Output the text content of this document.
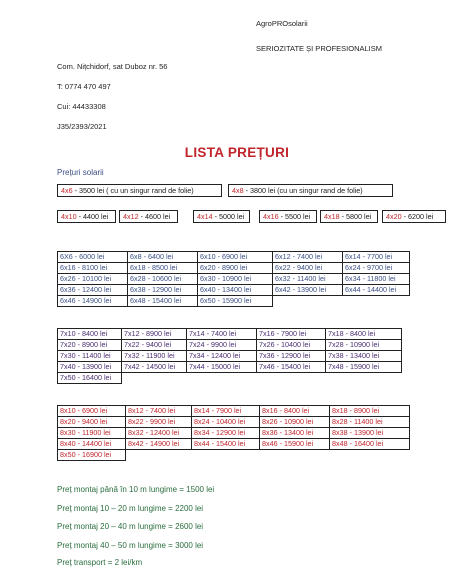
AgroPROsolarii
SERIOZITATE ȘI PROFESIONALISM
Com. Nițchidorf, sat Duboz nr. 56
T: 0774 470 497
Cui: 44433308
J35/2393/2021
LISTA PREȚURI
Prețuri solarii
4x6 - 3500 lei ( cu un singur rand de folie)	4x8 - 3800 lei (cu un singur rand de folie)
4x10 - 4400 lei	4x12 - 4600 lei	4x14 - 5000 lei	4x16 - 5500 lei	4x18 - 5800 lei	4x20 - 6200 lei
6X6 - 6000 lei	6x8 - 6400 lei	6x10 - 6900 lei	6x12 - 7400 lei	6x14 - 7700 lei
6x16 - 8100 lei	6x18 - 8500 lei	6x20 - 8900 lei	6x22 - 9400 lei	6x24 - 9700 lei
6x26 - 10100 lei	6x28 - 10600 lei	6x30 - 10900 lei	6x32 - 11400 lei	6x34 - 11800 lei
6x36 - 12400 lei	6x38 - 12900 lei	6x40 - 13400 lei	6x42 - 13900 lei	6x44 - 14400 lei
6x46 - 14900 lei	6x48 - 15400 lei	6x50 - 15900 lei		
7x10 - 8400 lei	7x12 - 8900 lei	7x14 - 7400 lei	7x16 - 7900 lei	7x18 - 8400 lei
7x20 - 8900 lei	7x22 - 9400 lei	7x24 - 9900 lei	7x26 - 10400 lei	7x28 - 10900 lei
7x30 - 11400 lei	7x32 - 11900 lei	7x34 - 12400 lei	7x36 - 12900 lei	7x38 - 13400 lei
7x40 - 13900 lei	7x42 - 14500 lei	7x44 - 15000 lei	7x46 - 15400 lei	7x48 - 15900 lei
7x50 - 16400 lei				
8x10 - 6900 lei	8x12 - 7400 lei	8x14 - 7900 lei	8x16 - 8400 lei	8x18 - 8900 lei
8x20 - 9400 lei	8x22 - 9900 lei	8x24 - 10400 lei	8x26 - 10900 lei	8x28 - 11400 lei
8x30 - 11900 lei	8x32 - 12400 lei	8x34 - 12900 lei	8x36 - 13400 lei	8x38 - 13900 lei
8x40 - 14400 lei	8x42 - 14900 lei	8x44 - 15400 lei	8x46 - 15900 lei	8x48 - 16400 lei
8x50 - 16900 lei				
Preț montaj până în 10 m lungime = 1500 lei
Preț montaj 10 – 20 m lungime = 2200 lei
Preț montaj 20 – 40 m lungime = 2600 lei
Preț montaj 40 – 50 m lungime = 3000 lei
Preț transport = 2 lei/km
